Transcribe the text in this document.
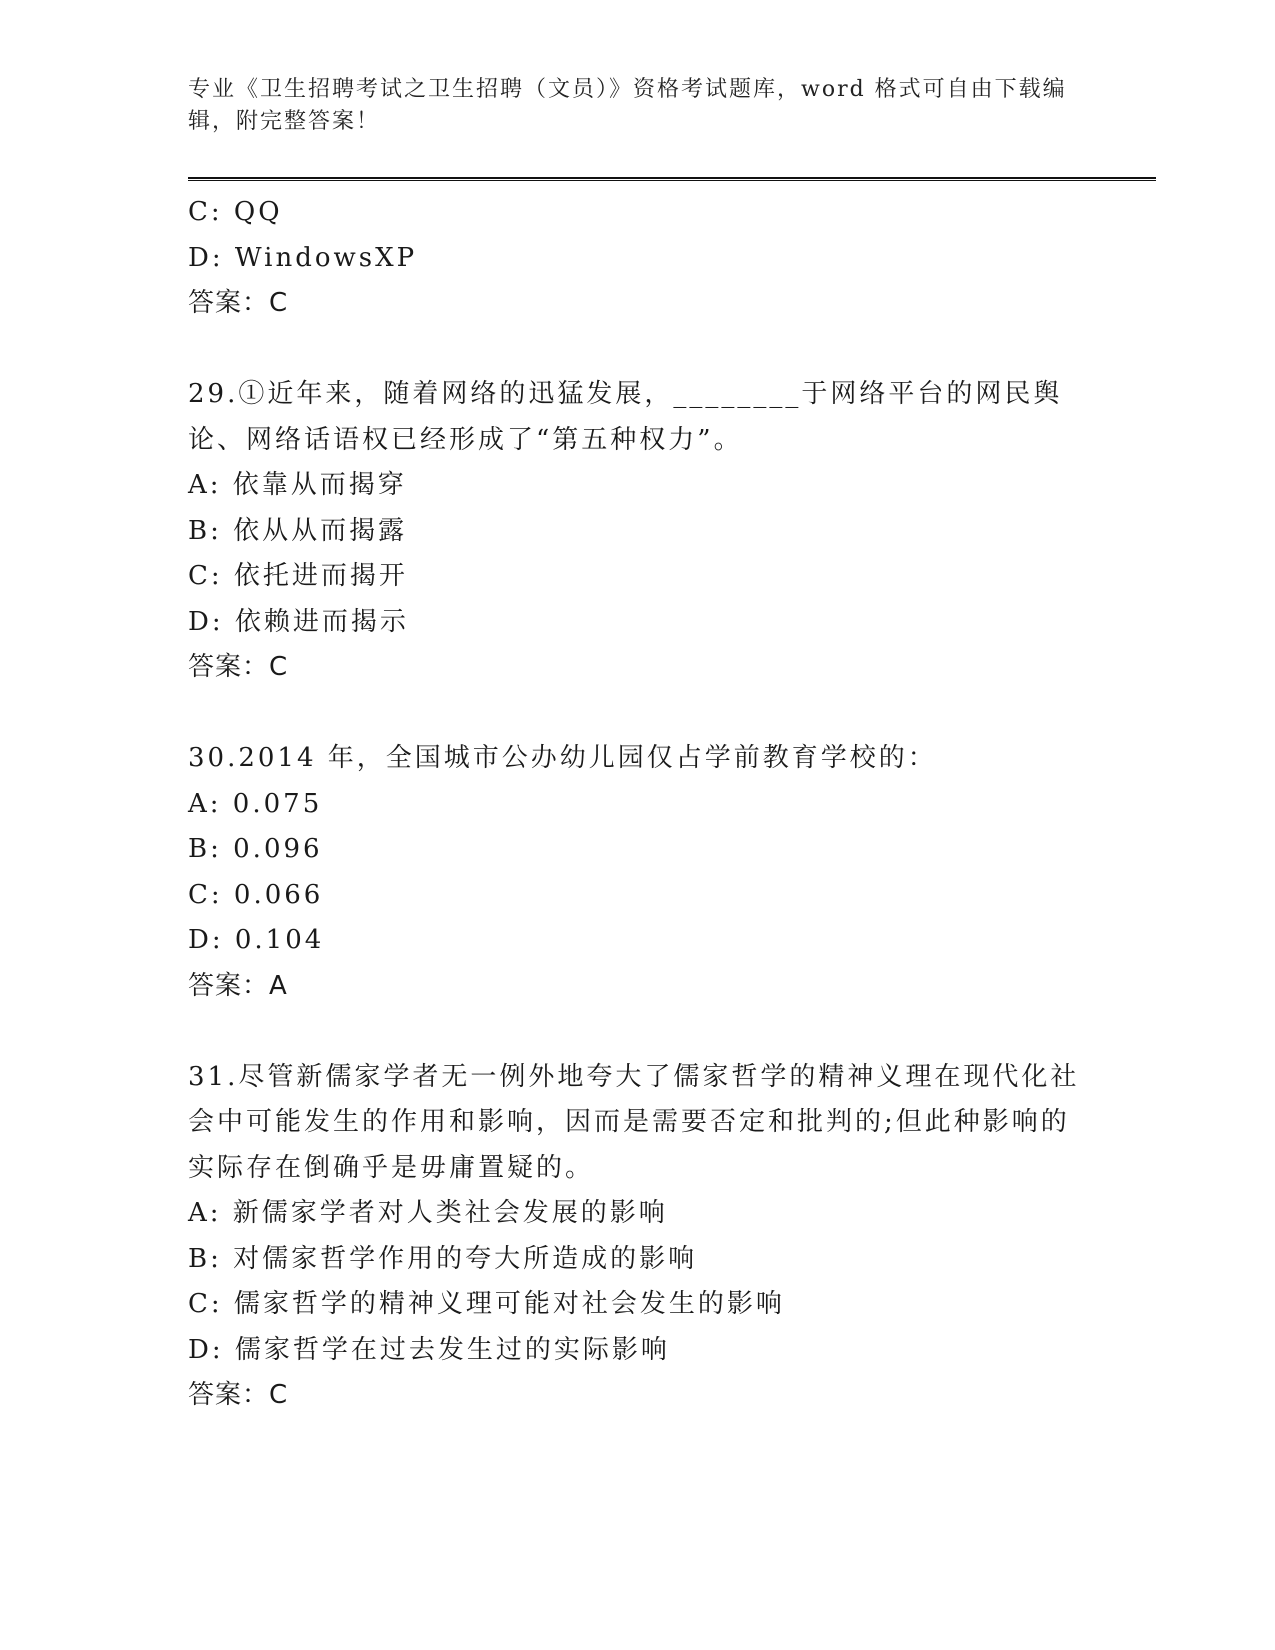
专业《卫生招聘考试之卫生招聘（文员）》资格考试题库，word 格式可自由下载编辑，附完整答案！
C: QQ
D: WindowsXP
答案：C
29.①近年来，随着网络的迅猛发展，________于网络平台的网民舆论、网络话语权已经形成了“第五种权力”。
A: 依靠从而揭穿
B: 依从从而揭露
C: 依托进而揭开
D: 依赖进而揭示
答案：C
30.2014 年，全国城市公办幼儿园仅占学前教育学校的：
A: 0.075
B: 0.096
C: 0.066
D: 0.104
答案：A
31.尽管新儒家学者无一例外地夸大了儒家哲学的精神义理在现代化社会中可能发生的作用和影响，因而是需要否定和批判的;但此种影响的实际存在倒确乎是毋庸置疑的。
A: 新儒家学者对人类社会发展的影响
B: 对儒家哲学作用的夸大所造成的影响
C: 儒家哲学的精神义理可能对社会发生的影响
D: 儒家哲学在过去发生过的实际影响
答案：C
